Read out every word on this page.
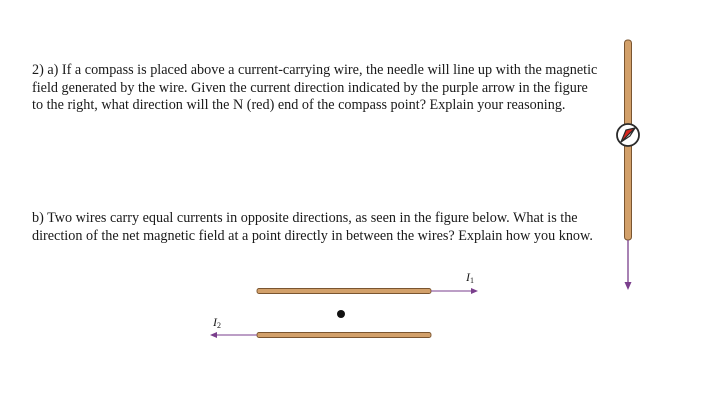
2) a) If a compass is placed above a current-carrying wire, the needle will line up with the magnetic field generated by the wire. Given the current direction indicated by the purple arrow in the figure to the right, what direction will the N (red) end of the compass point? Explain your reasoning.

b) Two wires carry equal currents in opposite directions, as seen in the figure below. What is the direction of the net magnetic field at a point directly in between the wires? Explain how you know.

$I_1$
$I_2$
